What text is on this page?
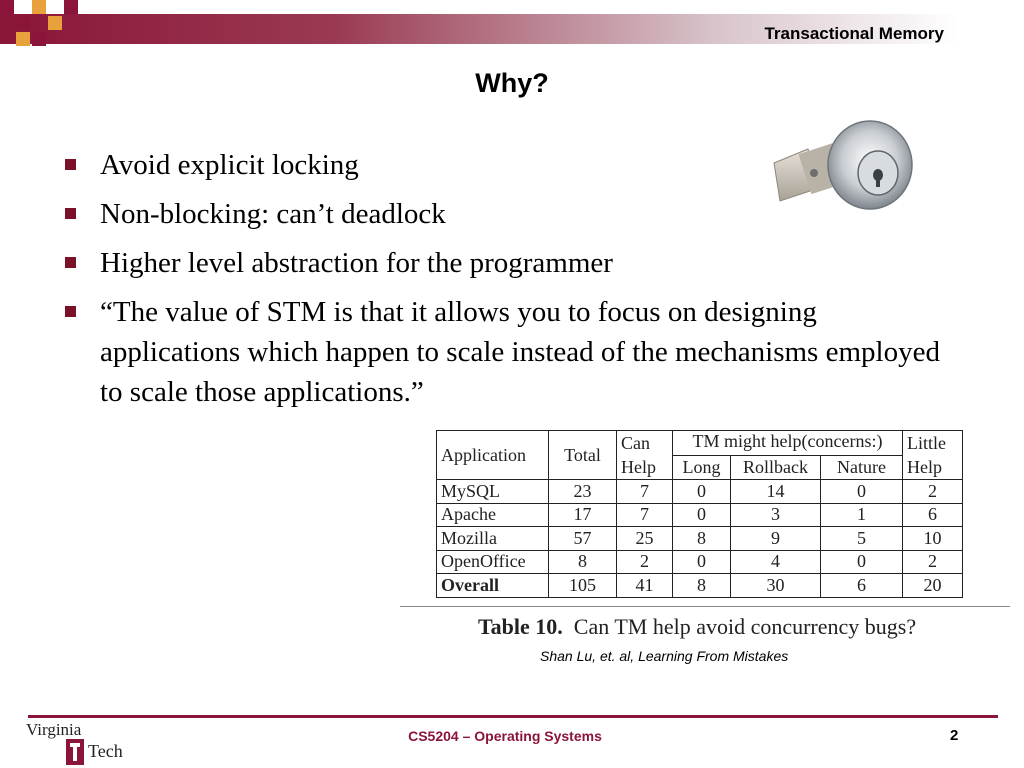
Transactional Memory
Why?
Avoid explicit locking
Non-blocking: can’t deadlock
Higher level abstraction for the programmer
“The value of STM is that it allows you to focus on designing applications which happen to scale instead of the mechanisms employed to scale those applications.”
Application	Total	Can Help	TM might help(concerns:)			Little Help
			Long	Rollback	Nature	
MySQL	23	7	0	14	0	2
Apache	17	7	0	3	1	6
Mozilla	57	25	8	9	5	10
OpenOffice	8	2	0	4	0	2
Overall	105	41	8	30	6	20
Table 10. Can TM help avoid concurrency bugs?
Shan Lu, et. al, Learning From Mistakes
Virginia
Tech
CS5204 – Operating Systems	2
